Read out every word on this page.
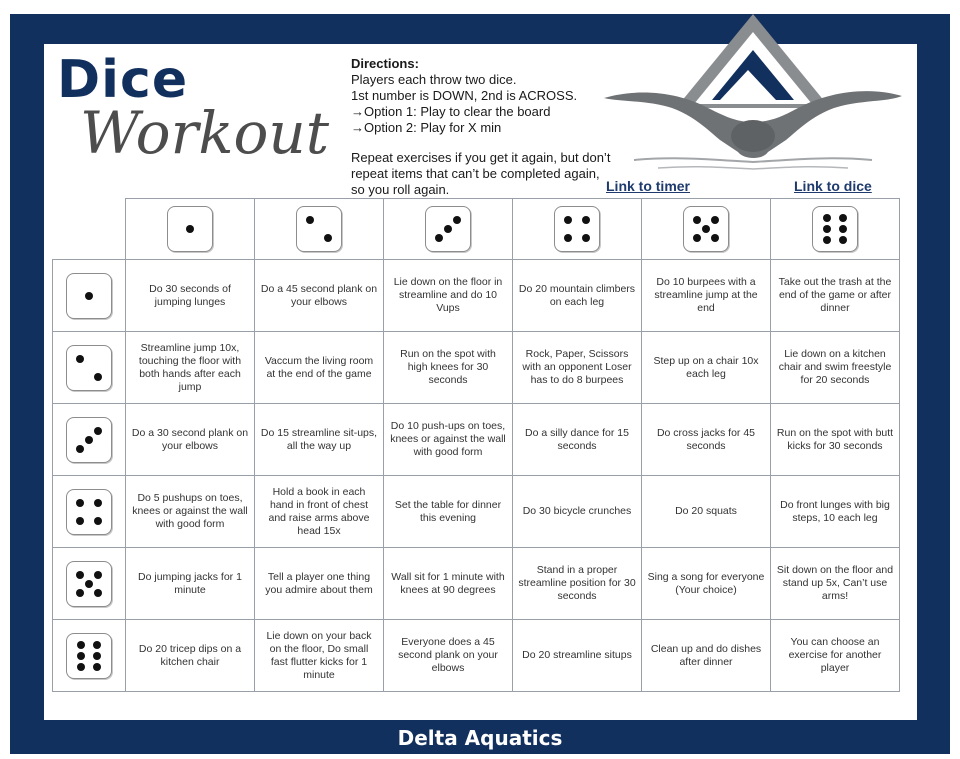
Dice
Workout

Directions:

Players each throw two dice.

1st number is DOWN, 2nd is ACROSS.

→Option 1: Play to clear the board

→Option 2: Play for X min

Repeat exercises if you get it again, but don’t repeat items that can’t be completed again, so you roll again.	Link to timer	Link to dice

	Do 30 seconds of jumping lunges	Do a 45 second plank on your elbows	Lie down on the floor in streamline and do 10 Vups	Do 20 mountain climbers on each leg	Do 10 burpees with a streamline jump at the end	Take out the trash at the end of the game or after dinner

	Streamline jump 10x, touching the floor with both hands after each jump	Vaccum the living room at the end of the game	Run on the spot with high knees for 30 seconds	Rock, Paper, Scissors with an opponent Loser has to do 8 burpees	Step up on a chair 10x each leg	Lie down on a kitchen chair and swim freestyle for 20 seconds

	Do a 30 second plank on your elbows	Do 15 streamline sit-ups, all the way up	Do 10 push-ups on toes, knees or against the wall with good form	Do a silly dance for 15 seconds	Do cross jacks for 45 seconds	Run on the spot with butt kicks for 30 seconds

	Do 5 pushups on toes, knees or against the wall with good form	Hold a book in each hand in front of chest and raise arms above head 15x	Set the table for dinner this evening	Do 30 bicycle crunches	Do 20 squats	Do front lunges with big steps, 10 each leg

	Do jumping jacks for 1 minute	Tell a player one thing you admire about them	Wall sit for 1 minute with knees at 90 degrees	Stand in a proper streamline position for 30 seconds	Sing a song for everyone (Your choice)	Sit down on the floor and stand up 5x, Can’t use arms!

	Do 20 tricep dips on a kitchen chair	Lie down on your back on the floor, Do small fast flutter kicks for 1 minute	Everyone does a 45 second plank on your elbows	Do 20 streamline situps	Clean up and do dishes after dinner	You can choose an exercise for another player
Delta Aquatics
